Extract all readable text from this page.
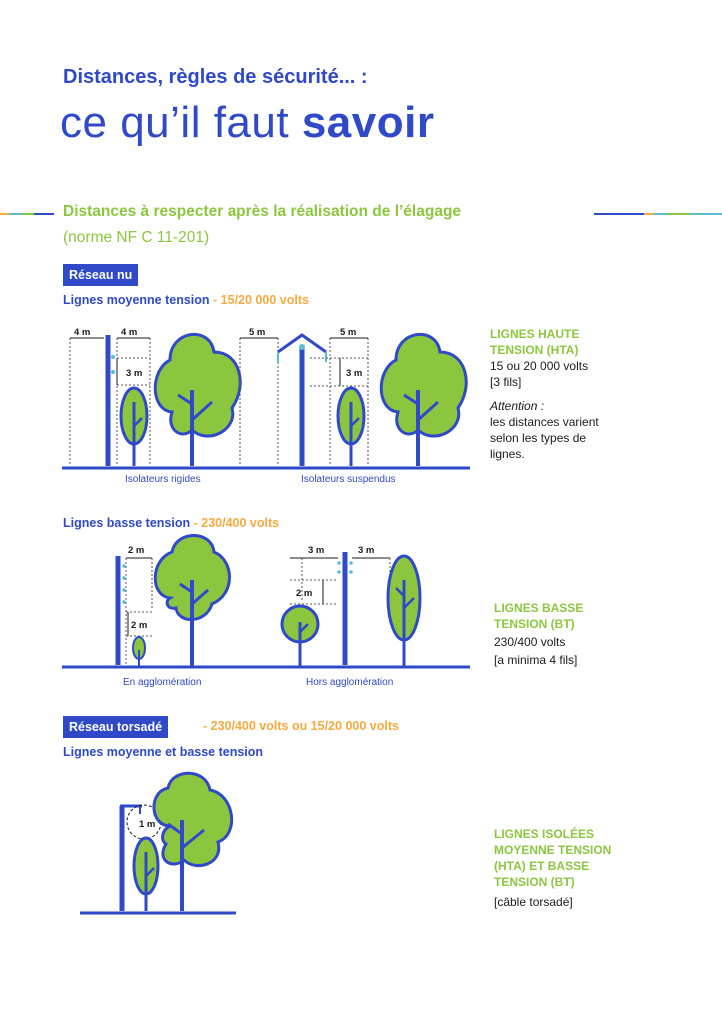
Distances, règles de sécurité... :
ce qu’il faut savoir
4 m	4 m
3 m
5 m	5 m
3 m
2 m
2 m
3 m	3 m
2 m
1 m
Distances à respecter après la réalisation de l’élagage
(norme NF C 11-201)
Réseau nu
Lignes moyenne tension - 15/20 000 volts
Isolateurs rigides	Isolateurs suspendus
Lignes basse tension - 230/400 volts
En agglomération	Hors agglomération
Réseau torsadé	- 230/400 volts ou 15/20 000 volts
Lignes moyenne et basse tension
LIGNES HAUTE
TENSION (HTA)
15 ou 20 000 volts
[3 fils]
Attention :
les distances varient
selon les types de
lignes.
LIGNES BASSE
TENSION (BT)
230/400 volts
[a minima 4 fils]
LIGNES ISOLÉES
MOYENNE TENSION
(HTA) ET BASSE
TENSION (BT)
[câble torsadé]
